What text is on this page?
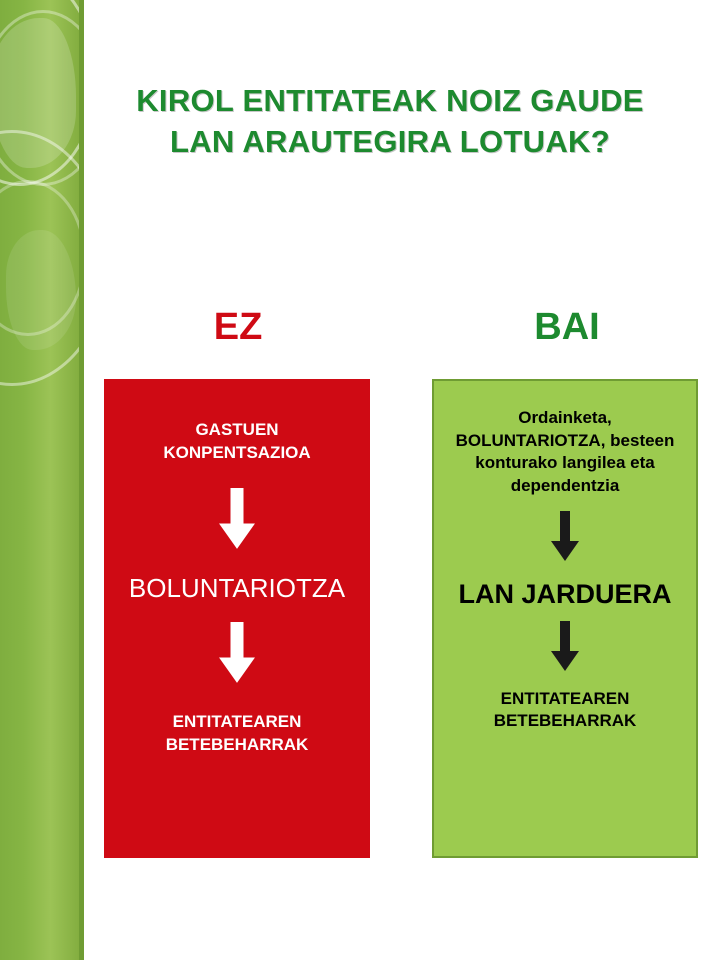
KIROL ENTITATEAK NOIZ GAUDE LAN ARAUTEGIRA LOTUAK?
EZ	BAI
GASTUEN KONPENTSAZIOA
BOLUNTARIOTZA
ENTITATEAREN BETEBEHARRAK
Ordainketa, BOLUNTARIOTZA, besteen konturako langilea eta dependentzia
LAN JARDUERA
ENTITATEAREN BETEBEHARRAK
